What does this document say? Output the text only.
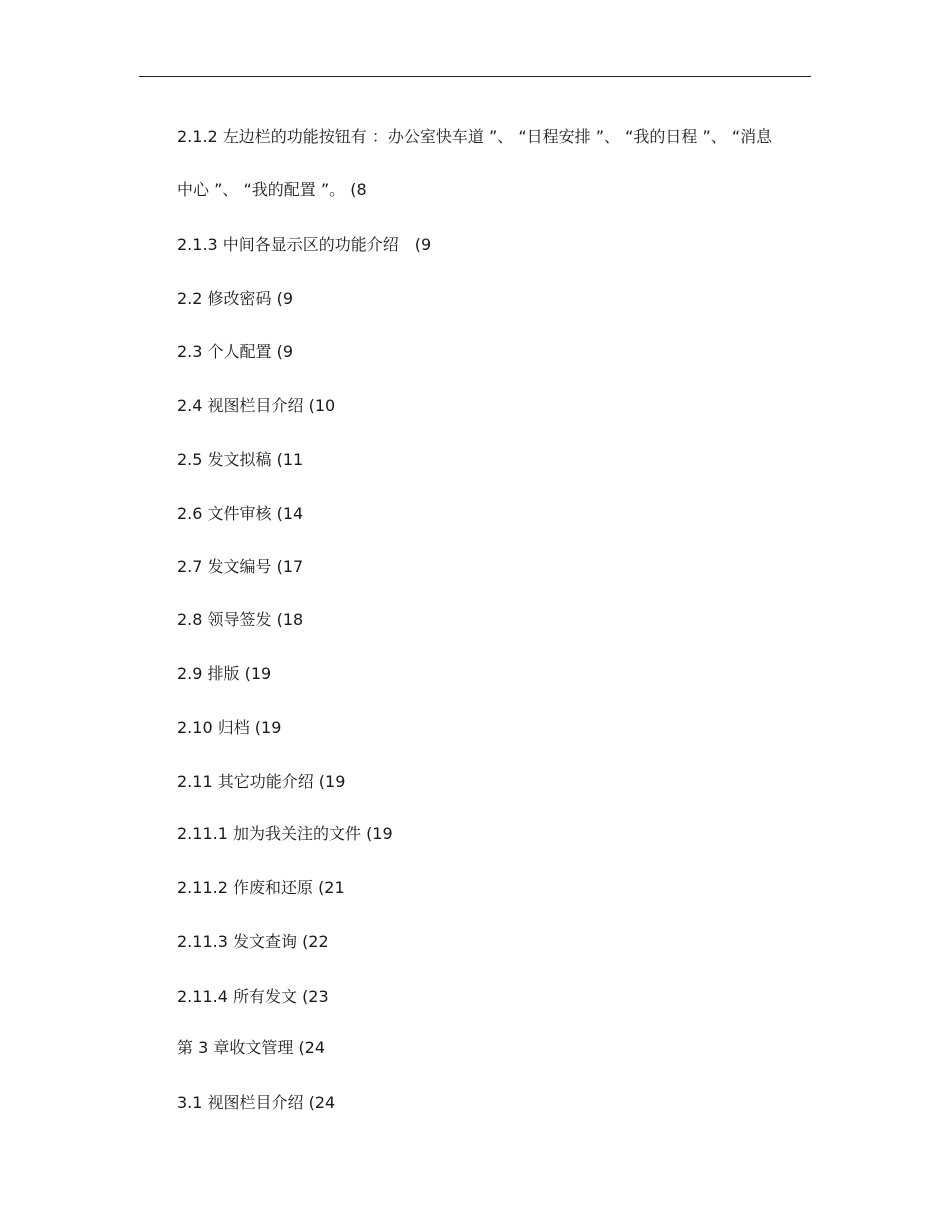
2.1.2 左边栏的功能按钮有 ：办公室快车道 ”、 “日程安排 ”、 “我的日程 ”、 “消息
中心 ”、 “我的配置 ”。 (8
2.1.3 中间各显示区的功能介绍　(9
2.2 修改密码 (9
2.3 个人配置 (9
2.4 视图栏目介绍 (10
2.5 发文拟稿 (11
2.6 文件审核 (14
2.7 发文编号 (17
2.8 领导签发 (18
2.9 排版 (19
2.10 归档 (19
2.11 其它功能介绍 (19
2.11.1 加为我关注的文件 (19
2.11.2 作废和还原 (21
2.11.3 发文查询 (22
2.11.4 所有发文 (23
第 3 章收文管理 (24
3.1 视图栏目介绍 (24
